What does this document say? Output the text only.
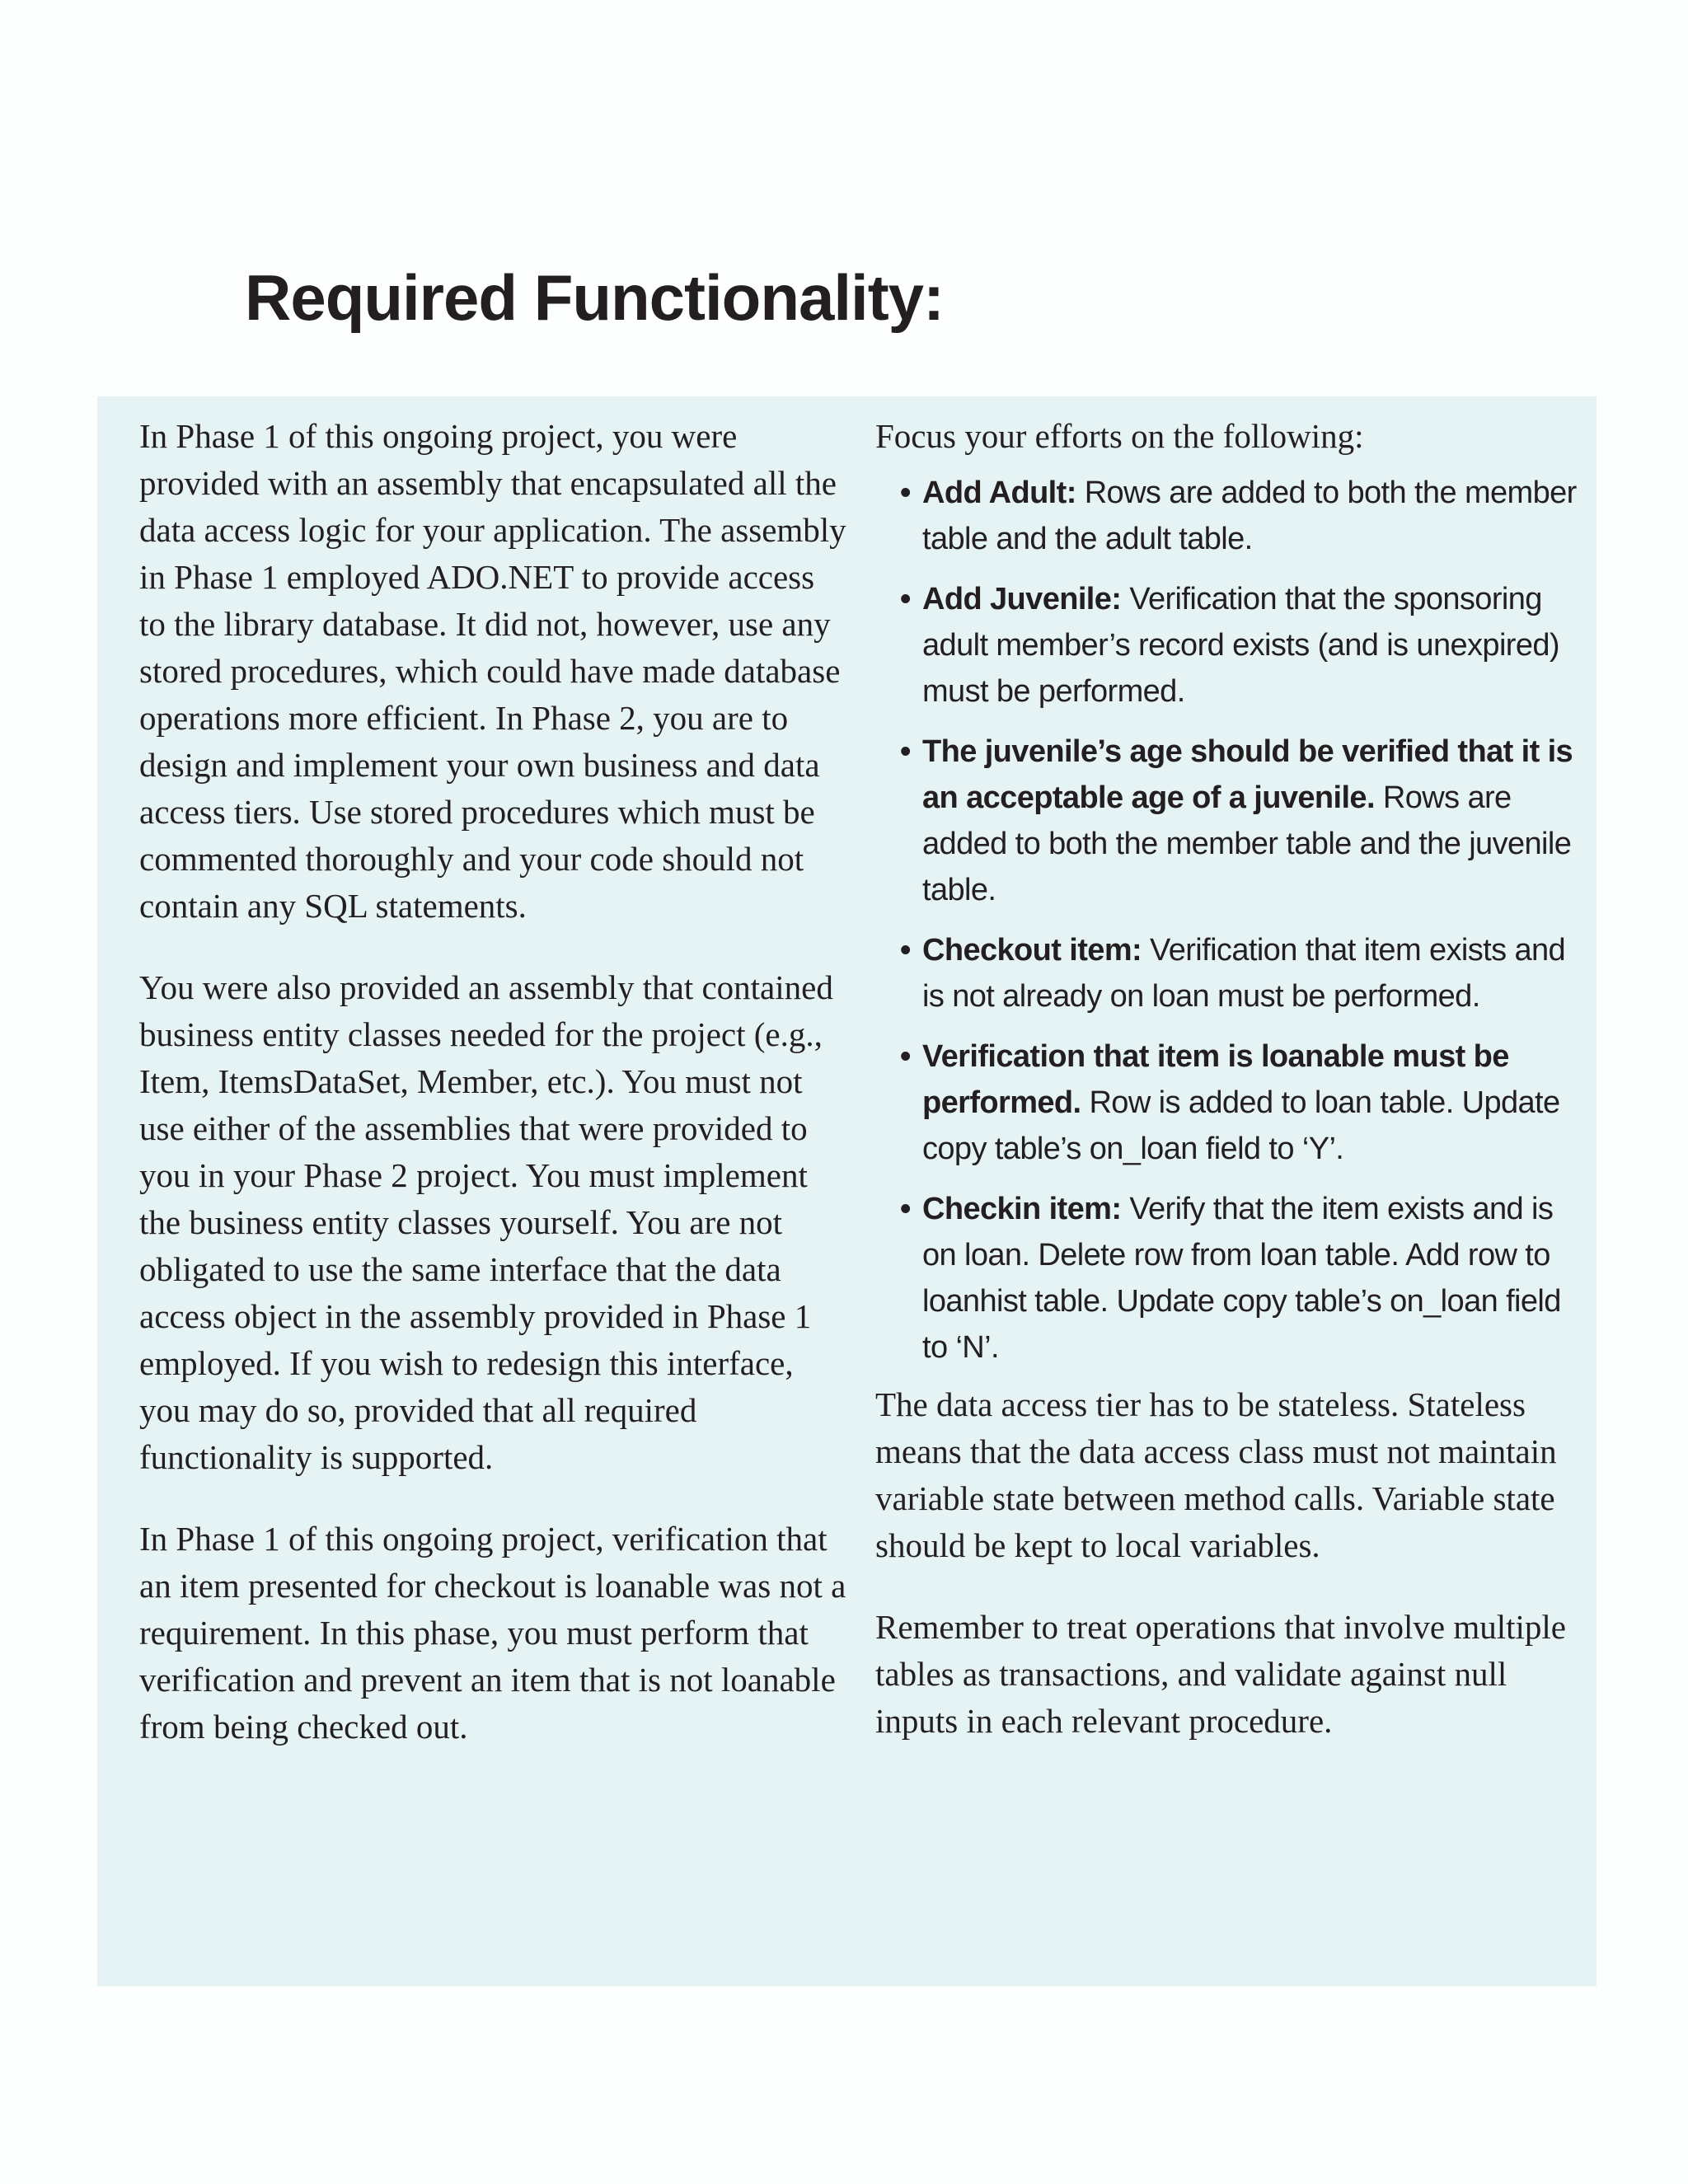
Required Functionality:

In Phase 1 of this ongoing project, you were provided with an assembly that encapsulated all the data access logic for your application. The assembly in Phase 1 employed ADO.NET to provide access to the library database. It did not, however, use any stored procedures, which could have made database operations more efficient. In Phase 2, you are to design and implement your own business and data access tiers. Use stored procedures which must be commented thoroughly and your code should not contain any SQL statements.

You were also provided an assembly that contained business entity classes needed for the project (e.g., Item, ItemsDataSet, Member, etc.). You must not use either of the assemblies that were provided to you in your Phase 2 project. You must implement the business entity classes yourself. You are not obligated to use the same interface that the data access object in the assembly provided in Phase 1 employed. If you wish to redesign this interface, you may do so, provided that all required functionality is supported.

In Phase 1 of this ongoing project, verification that an item presented for checkout is loanable was not a requirement. In this phase, you must perform that verification and prevent an item that is not loanable from being checked out.

Focus your efforts on the following:

• Add Adult: Rows are added to both the member table and the adult table.
• Add Juvenile: Verification that the sponsoring adult member’s record exists (and is unexpired) must be performed.
• The juvenile’s age should be verified that it is an acceptable age of a juvenile. Rows are added to both the member table and the juvenile table.
• Checkout item: Verification that item exists and is not already on loan must be performed.
• Verification that item is loanable must be performed. Row is added to loan table. Update copy table’s on_loan field to ‘Y’.
• Checkin item: Verify that the item exists and is on loan. Delete row from loan table. Add row to loanhist table. Update copy table’s on_loan field to ‘N’.

The data access tier has to be stateless. Stateless means that the data access class must not maintain variable state between method calls. Variable state should be kept to local variables.

Remember to treat operations that involve multiple tables as transactions, and validate against null inputs in each relevant procedure.
